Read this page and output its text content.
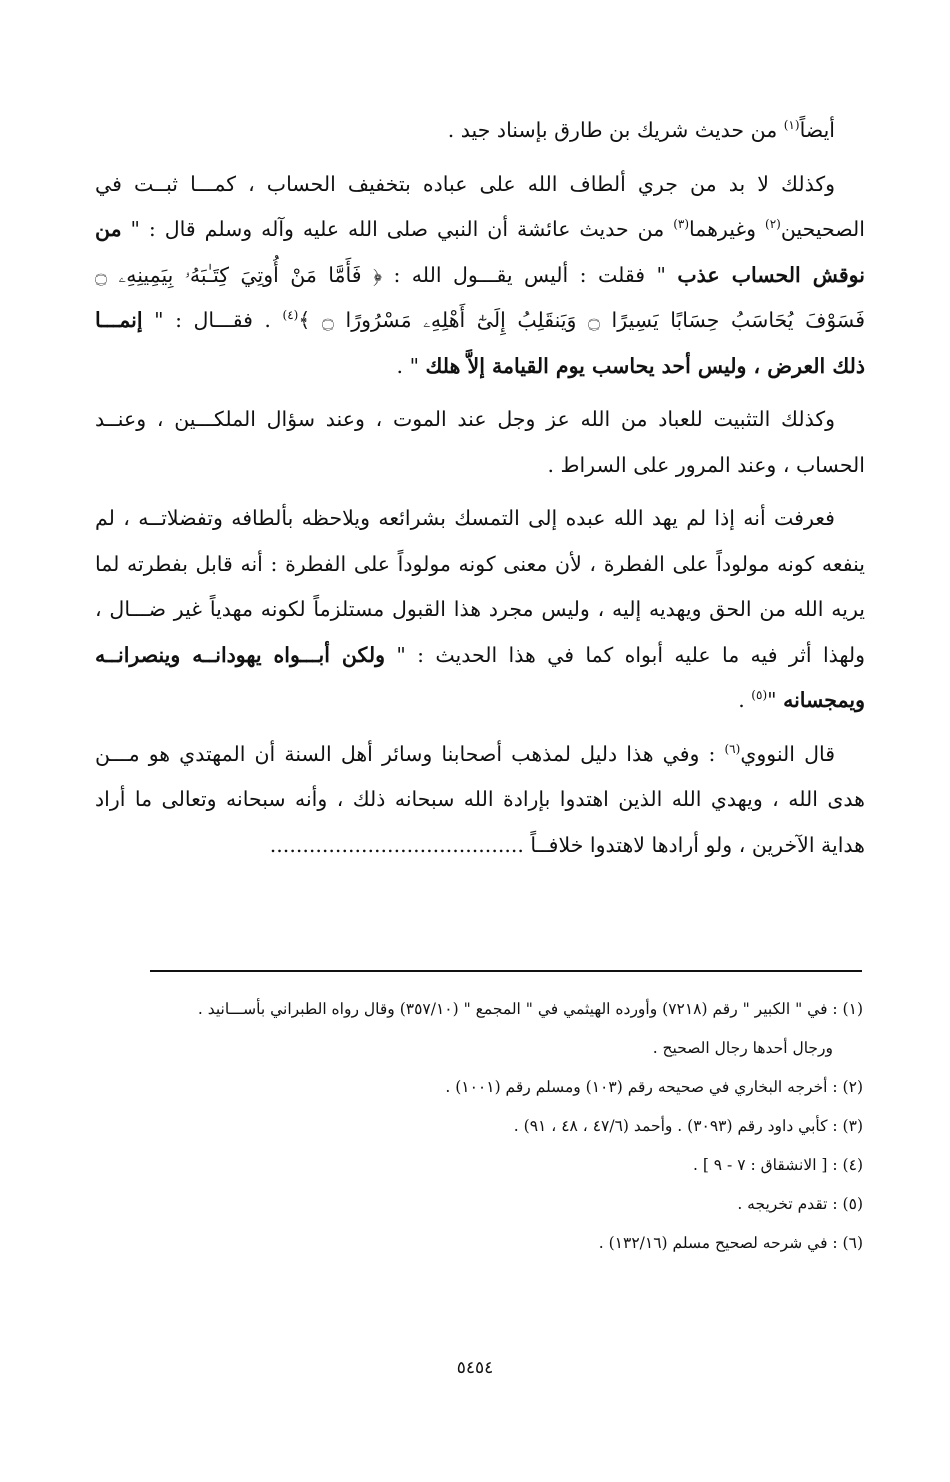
أيضاً$^{(١)}$ من حديث شريك بن طارق بإسناد جيد .
وكذلك لا بد من جري ألطاف الله على عباده بتخفيف الحساب ، كمـــا ثبــت في
الصحيحين$^{(٢)}$ وغيرهما$^{(٣)}$ من حديث عائشة أن النبي صلى الله عليه وآله وسلم قال : " من
نوقش الحساب عذب " فقلت : أليس يقـــول الله : ﴿ فَأَمَّا مَنْ أُوتِيَ كِتَـٰبَهُۥ بِيَمِينِهِۦ ۝
فَسَوْفَ يُحَاسَبُ حِسَابًا يَسِيرًا ۝ وَيَنقَلِبُ إِلَىٰٓ أَهْلِهِۦ مَسْرُورًا ۝ ﴾$^{(٤)}$ . فقـــال : " إنمـــا
ذلك العرض ، وليس أحد يحاسب يوم القيامة إلاَّ هلك " .
وكذلك التثبيت للعباد من الله عز وجل عند الموت ، وعند سؤال الملكـــين ، وعنــد
الحساب ، وعند المرور على السراط .
فعرفت أنه إذا لم يهد الله عبده إلى التمسك بشرائعه ويلاحظه بألطافه وتفضلاتــه ، لم
ينفعه كونه مولوداً على الفطرة ، لأن معنى كونه مولوداً على الفطرة : أنه قابل بفطرته لما
يريه الله من الحق ويهديه إليه ، وليس مجرد هذا القبول مستلزماً لكونه مهدياً غير ضـــال ،
ولهذا أثر فيه ما عليه أبواه كما في هذا الحديث : " ولكن أبـــواه يهودانــه وينصرانــه
ويمجسانه "$^{(٥)}$ .
قال النووي$^{(٦)}$ : وفي هذا دليل لمذهب أصحابنا وسائر أهل السنة أن المهتدي هو مـــن
هدى الله ، ويهدي الله الذين اهتدوا بإرادة الله سبحانه ذلك ، وأنه سبحانه وتعالى ما أراد
هداية الآخرين ، ولو أرادها لاهتدوا خلافــاً .......................................
(١) : في " الكبير " رقم (٧٢١٨) وأورده الهيثمي في " المجمع " (٣٥٧/١٠) وقال رواه الطبراني بأســـانيد .
ورجال أحدها رجال الصحيح .
(٢) : أخرجه البخاري في صحيحه رقم (١٠٣) ومسلم رقم (١٠٠١) .
(٣) : كأبي داود رقم (٣٠٩٣) . وأحمد (٤٧/٦ ، ٤٨ ، ٩١) .
(٤) : [ الانشقاق : ٧ - ٩ ] .
(٥) : تقدم تخريجه .
(٦) : في شرحه لصحيح مسلم (١٣٢/١٦) .
٥٤٥٤
